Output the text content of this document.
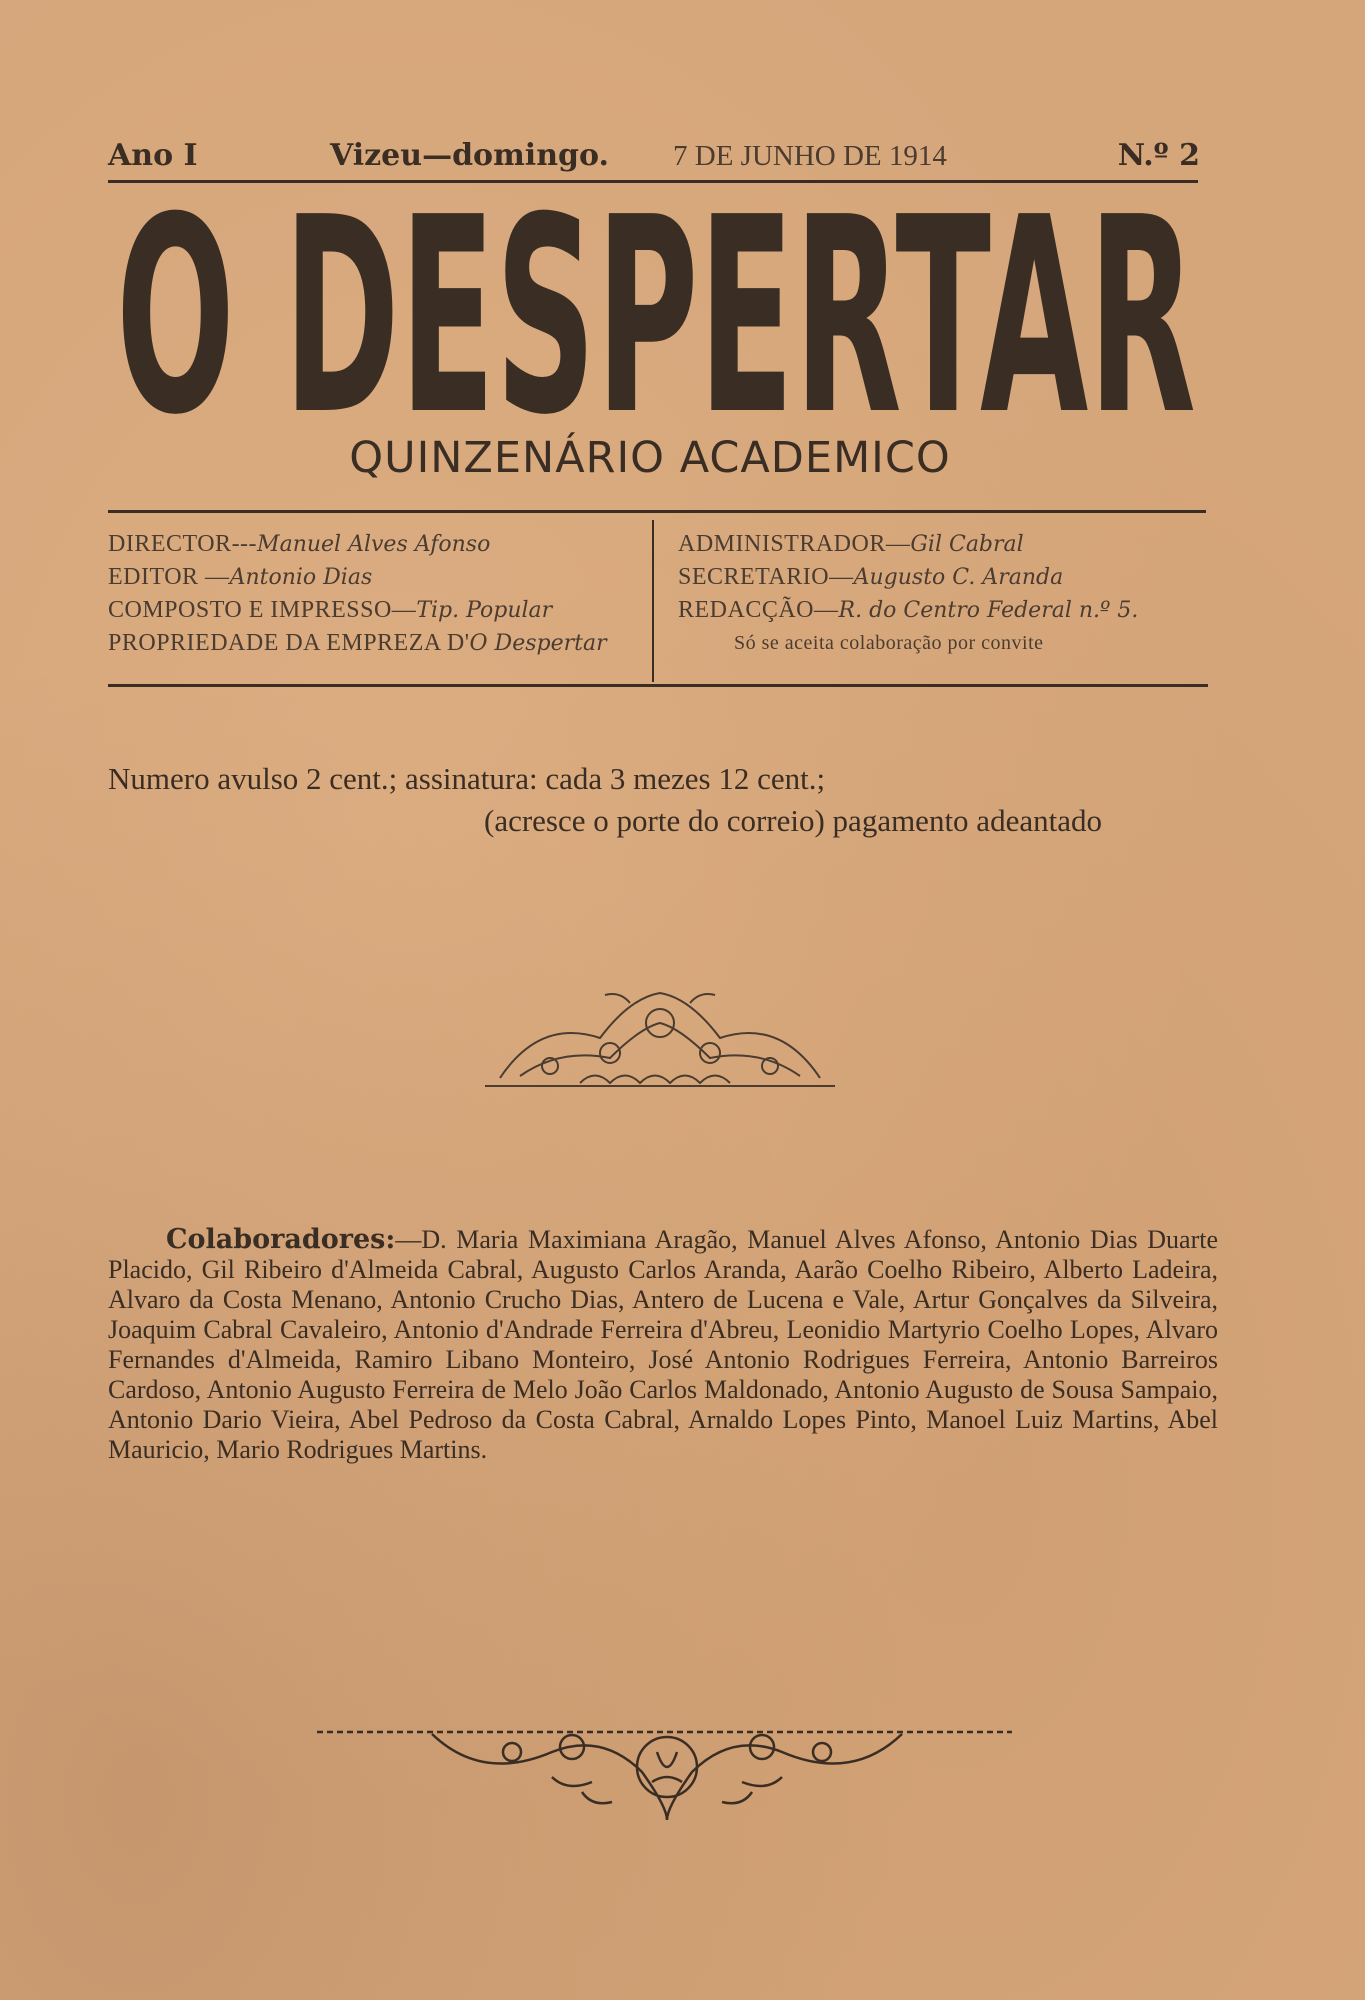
Ano I	Vizeu—domingo. 7 DE JUNHO DE 1914	N.º 2
O DESPERTAR
QUINZENÁRIO ACADEMICO
DIRECTOR---Manuel Alves Afonso
EDITOR —Antonio Dias
COMPOSTO E IMPRESSO—Tip. Popular
PROPRIEDADE DA EMPREZA D'O Despertar
ADMINISTRADOR—Gil Cabral
SECRETARIO—Augusto C. Aranda
REDACÇÃO—R. do Centro Federal n.º 5.
Só se aceita colaboração por convite
Numero avulso 2 cent.; assinatura: cada 3 mezes 12 cent.;
(acresce o porte do correio) pagamento adeantado
Colaboradores:—D. Maria Maximiana Aragão, Manuel Alves Afonso, Antonio Dias Duarte Placido, Gil Ribeiro d'Almeida Cabral, Augusto Carlos Aranda, Aarão Coelho Ribeiro, Alberto Ladeira, Alvaro da Costa Menano, Antonio Crucho Dias, Antero de Lucena e Vale, Artur Gonçalves da Silveira, Joaquim Cabral Cavaleiro, Antonio d'Andrade Ferreira d'Abreu, Leonidio Martyrio Coelho Lopes, Alvaro Fernandes d'Almeida, Ramiro Libano Monteiro, José Antonio Rodrigues Ferreira, Antonio Barreiros Cardoso, Antonio Augusto Ferreira de Melo João Carlos Maldonado, Antonio Augusto de Sousa Sampaio, Antonio Dario Vieira, Abel Pedroso da Costa Cabral, Arnaldo Lopes Pinto, Manoel Luiz Martins, Abel Mauricio, Mario Rodrigues Martins.
